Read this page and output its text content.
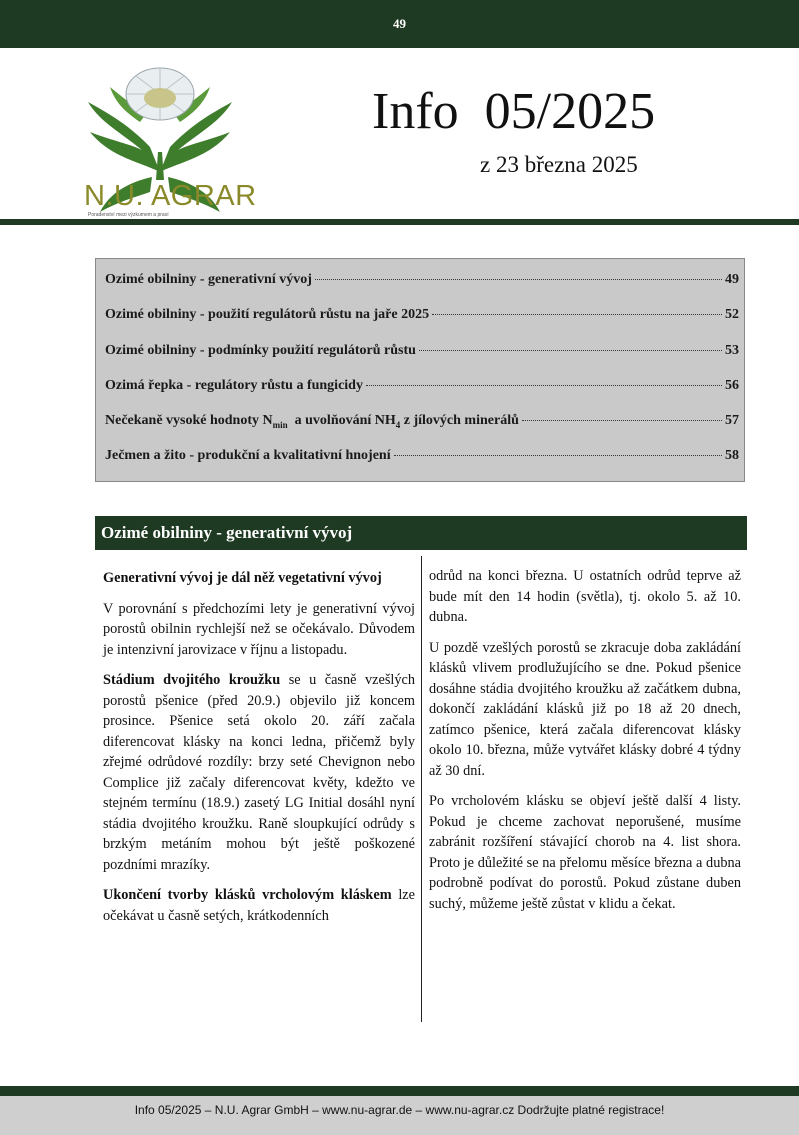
49
N.U. AGRAR
Poradenství mezi výzkumem a praxí
Info  05/2025
z 23 března 2025
Ozimé obilniny - generativní vývoj	49
Ozimé obilniny - použití regulátorů růstu na jaře 2025	52
Ozimé obilniny - podmínky použití regulátorů růstu	53
Ozimá řepka - regulátory růstu a fungicidy	56
Nečekaně vysoké hodnoty $N_{min}$  a uvolňování $NH_4$ z jílových minerálů	57
Ječmen a žito - produkční a kvalitativní hnojení	58
Ozimé obilniny - generativní vývoj

Generativní vývoj je dál něž vegetativní vývoj

V porovnání s předchozími lety je generativní vývoj porostů obilnin rychlejší než se očekávalo. Důvodem je intenzivní jarovizace v říjnu a listopadu.

Stádium dvojitého kroužku se u časně vzešlých porostů pšenice (před 20.9.) objevilo již koncem prosince. Pšenice setá okolo 20. září začala diferencovat klásky na konci ledna, přičemž byly zřejmé odrůdové rozdíly: brzy seté Chevignon nebo Complice již začaly diferencovat květy, kdežto ve stejném termínu (18.9.) zasetý LG Initial dosáhl nyní stádia dvojitého kroužku. Raně sloupkující odrůdy s brzkým metáním mohou být ještě poškozené pozdními mrazíky.

Ukončení tvorby klásků vrcholovým kláskem lze očekávat u časně setých, krátkodenních

odrůd na konci března. U ostatních odrůd teprve až bude mít den 14 hodin (světla), tj. okolo 5. až 10. dubna.

U pozdě vzešlých porostů se zkracuje doba zakládání klásků vlivem prodlužujícího se dne. Pokud pšenice dosáhne stádia dvojitého kroužku až začátkem dubna, dokončí zakládání klásků již po 18 až 20 dnech, zatímco pšenice, která začala diferencovat klásky okolo 10. března, může vytvářet klásky dobré 4 týdny až 30 dní.

Po vrcholovém klásku se objeví ještě další 4 listy. Pokud je chceme zachovat neporušené, musíme zabránit rozšíření stávající chorob na 4. list shora. Proto je důležité se na přelomu měsíce března a dubna podrobně podívat do porostů. Pokud zůstane duben suchý, můžeme ještě zůstat v klidu a čekat.

Info 05/2025 – N.U. Agrar GmbH – www.nu-agrar.de – www.nu-agrar.cz Dodržujte platné registrace!
